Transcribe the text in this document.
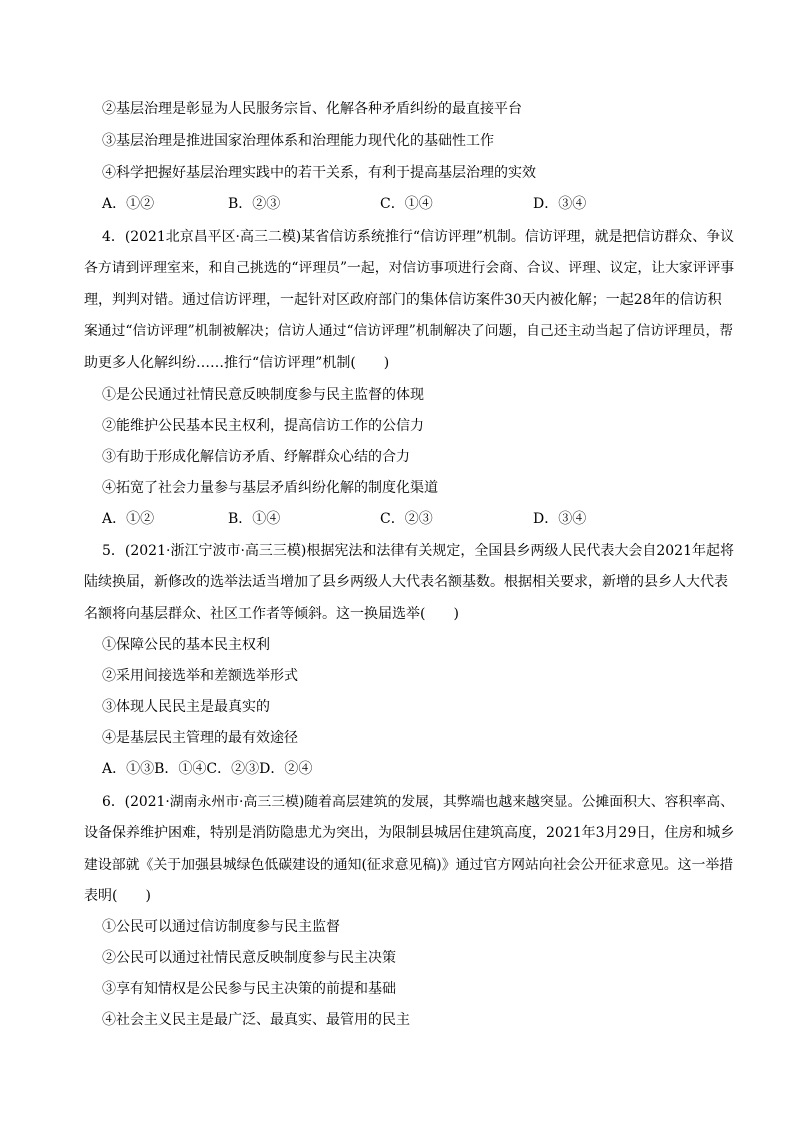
②基层治理是彰显为人民服务宗旨、化解各种矛盾纠纷的最直接平台
③基层治理是推进国家治理体系和治理能力现代化的基础性工作
④科学把握好基层治理实践中的若干关系，有利于提高基层治理的实效
A．①②	B．②③	C．①④	D．③④
4．(2021北京昌平区·高三二模)某省信访系统推行“信访评理”机制。信访评理，就是把信访群众、争议
各方请到评理室来，和自己挑选的“评理员”一起，对信访事项进行会商、合议、评理、议定，让大家评评事
理，判判对错。通过信访评理，一起针对区政府部门的集体信访案件30天内被化解；一起28年的信访积
案通过“信访评理”机制被解决；信访人通过“信访评理”机制解决了问题，自己还主动当起了信访评理员，帮
助更多人化解纠纷……推行“信访评理”机制(　　)
①是公民通过社情民意反映制度参与民主监督的体现
②能维护公民基本民主权利，提高信访工作的公信力
③有助于形成化解信访矛盾、纾解群众心结的合力
④拓宽了社会力量参与基层矛盾纠纷化解的制度化渠道
A．①②	B．①④	C．②③	D．③④
5．(2021·浙江宁波市·高三三模)根据宪法和法律有关规定，全国县乡两级人民代表大会自2021年起将
陆续换届，新修改的选举法适当增加了县乡两级人大代表名额基数。根据相关要求，新增的县乡人大代表
名额将向基层群众、社区工作者等倾斜。这一换届选举(　　)
①保障公民的基本民主权利
②采用间接选举和差额选举形式
③体现人民民主是最真实的
④是基层民主管理的最有效途径
A．①③B．①④C．②③D．②④
6．(2021·湖南永州市·高三三模)随着高层建筑的发展，其弊端也越来越突显。公摊面积大、容积率高、
设备保养维护困难，特别是消防隐患尤为突出，为限制县城居住建筑高度，2021年3月29日，住房和城乡
建设部就《关于加强县城绿色低碳建设的通知(征求意见稿)》通过官方网站向社会公开征求意见。这一举措
表明(　　)
①公民可以通过信访制度参与民主监督
②公民可以通过社情民意反映制度参与民主决策
③享有知情权是公民参与民主决策的前提和基础
④社会主义民主是最广泛、最真实、最管用的民主
